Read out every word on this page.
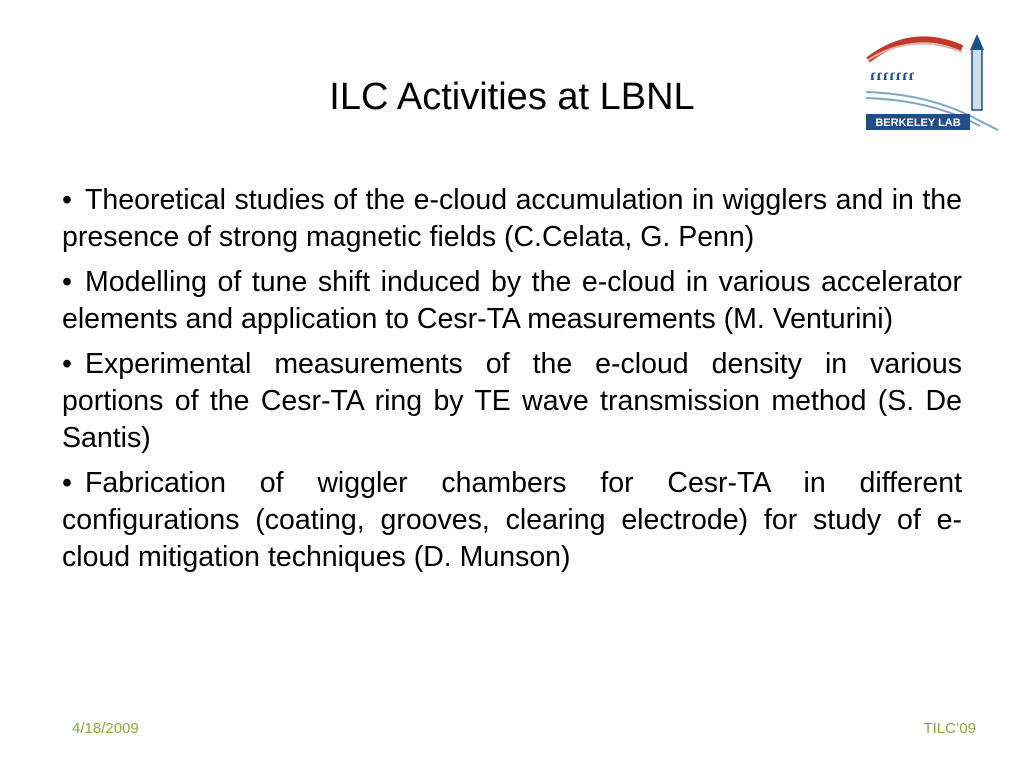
ILC Activities at LBNL
ɾɾɾɾɾɾɾ
BERKELEY LAB
• Theoretical studies of the e-cloud accumulation in wigglers and in the presence of strong magnetic fields (C.Celata, G. Penn)
• Modelling of tune shift induced by the e-cloud in various accelerator elements and application to Cesr-TA measurements (M. Venturini)
• Experimental measurements of the e-cloud density in various portions of the Cesr-TA ring by TE wave transmission method (S. De Santis)
• Fabrication of wiggler chambers for Cesr-TA in different configurations (coating, grooves, clearing electrode) for study of e-cloud mitigation techniques (D. Munson)
4/18/2009	TILC’09
